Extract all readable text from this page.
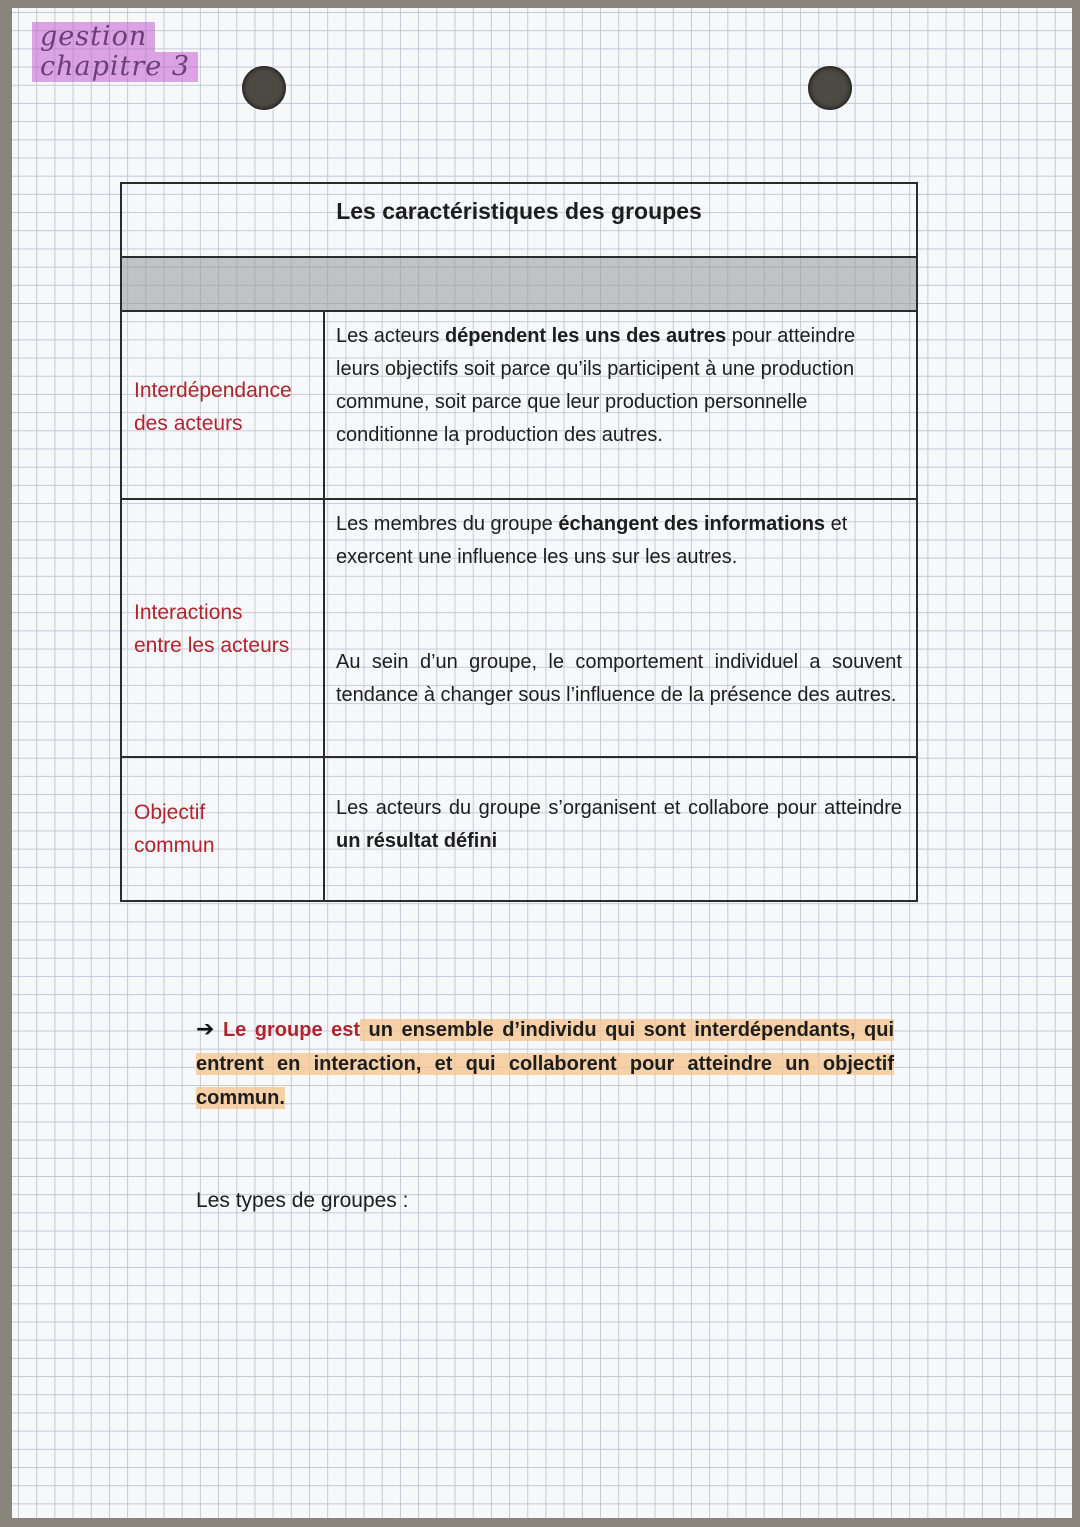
gestion
chapitre 3
Les caractéristiques des groupes
Interdépendance
des acteurs
Les acteurs dépendent les uns des autres pour atteindre leurs objectifs soit parce qu’ils participent à une production commune, soit parce que leur production personnelle conditionne la production des autres.
Interactions
entre les acteurs
Les membres du groupe échangent des informations et exercent une influence les uns sur les autres.
Au sein d’un groupe, le comportement individuel a souvent tendance à changer sous l’influence de la présence des autres.
Objectif
commun
Les acteurs du groupe s’organisent et collabore pour atteindre un résultat défini
➔ Le groupe est un ensemble d’individu qui sont interdépendants, qui entrent en interaction, et qui collaborent pour atteindre un objectif commun.
Les types de groupes :
